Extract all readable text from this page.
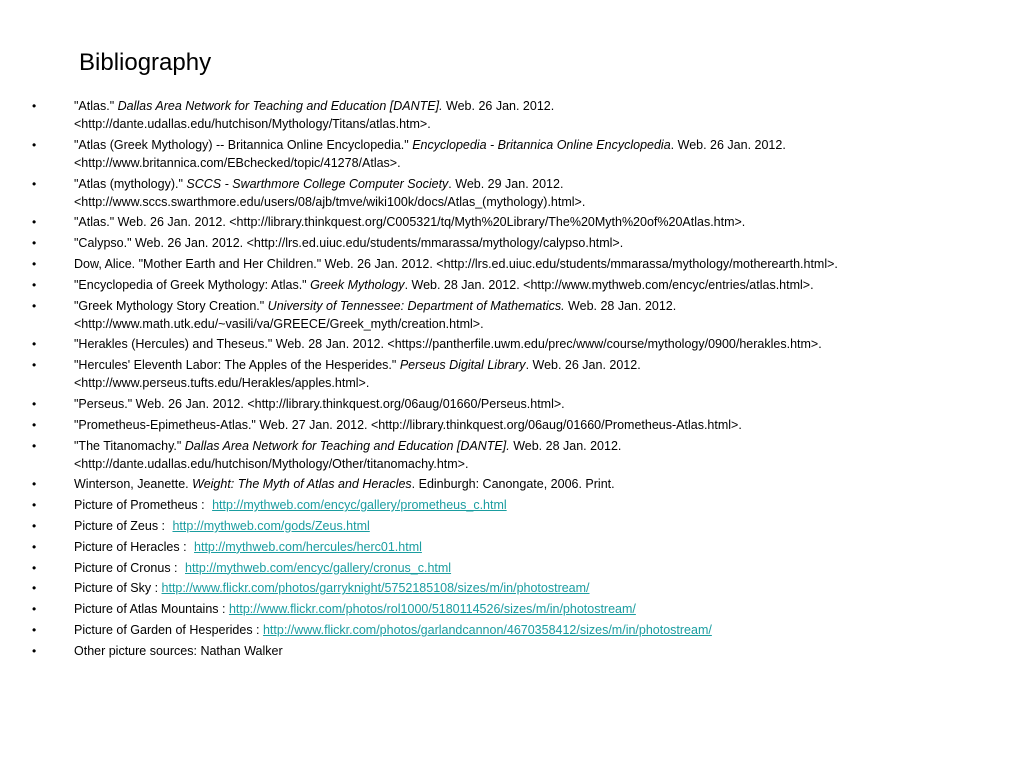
Bibliography
•	"Atlas." Dallas Area Network for Teaching and Education [DANTE]. Web. 26 Jan. 2012.
<http://dante.udallas.edu/hutchison/Mythology/Titans/atlas.htm>.
•	"Atlas (Greek Mythology) -- Britannica Online Encyclopedia." Encyclopedia - Britannica Online Encyclopedia. Web. 26 Jan. 2012.
<http://www.britannica.com/EBchecked/topic/41278/Atlas>.
•	"Atlas (mythology)." SCCS - Swarthmore College Computer Society. Web. 29 Jan. 2012.
<http://www.sccs.swarthmore.edu/users/08/ajb/tmve/wiki100k/docs/Atlas_(mythology).html>.
•	"Atlas." Web. 26 Jan. 2012. <http://library.thinkquest.org/C005321/tq/Myth%20Library/The%20Myth%20of%20Atlas.htm>.
•	"Calypso." Web. 26 Jan. 2012. <http://lrs.ed.uiuc.edu/students/mmarassa/mythology/calypso.html>.
•	Dow, Alice. "Mother Earth and Her Children." Web. 26 Jan. 2012. <http://lrs.ed.uiuc.edu/students/mmarassa/mythology/motherearth.html>.
•	"Encyclopedia of Greek Mythology: Atlas." Greek Mythology. Web. 28 Jan. 2012. <http://www.mythweb.com/encyc/entries/atlas.html>.
•	"Greek Mythology Story Creation." University of Tennessee: Department of Mathematics. Web. 28 Jan. 2012.
<http://www.math.utk.edu/~vasili/va/GREECE/Greek_myth/creation.html>.
•	"Herakles (Hercules) and Theseus." Web. 28 Jan. 2012. <https://pantherfile.uwm.edu/prec/www/course/mythology/0900/herakles.htm>.
•	"Hercules' Eleventh Labor: The Apples of the Hesperides." Perseus Digital Library. Web. 26 Jan. 2012.
<http://www.perseus.tufts.edu/Herakles/apples.html>.
•	"Perseus." Web. 26 Jan. 2012. <http://library.thinkquest.org/06aug/01660/Perseus.html>.
•	"Prometheus-Epimetheus-Atlas." Web. 27 Jan. 2012. <http://library.thinkquest.org/06aug/01660/Prometheus-Atlas.html>.
•	"The Titanomachy." Dallas Area Network for Teaching and Education [DANTE]. Web. 28 Jan. 2012.
<http://dante.udallas.edu/hutchison/Mythology/Other/titanomachy.htm>.
•	Winterson, Jeanette. Weight: The Myth of Atlas and Heracles. Edinburgh: Canongate, 2006. Print.
•	Picture of Prometheus : http://mythweb.com/encyc/gallery/prometheus_c.html
•	Picture of Zeus : http://mythweb.com/gods/Zeus.html
•	Picture of Heracles : http://mythweb.com/hercules/herc01.html
•	Picture of Cronus : http://mythweb.com/encyc/gallery/cronus_c.html
•	Picture of Sky : http://www.flickr.com/photos/garryknight/5752185108/sizes/m/in/photostream/
•	Picture of Atlas Mountains : http://www.flickr.com/photos/rol1000/5180114526/sizes/m/in/photostream/
•	Picture of Garden of Hesperides : http://www.flickr.com/photos/garlandcannon/4670358412/sizes/m/in/photostream/
•	Other picture sources: Nathan Walker
